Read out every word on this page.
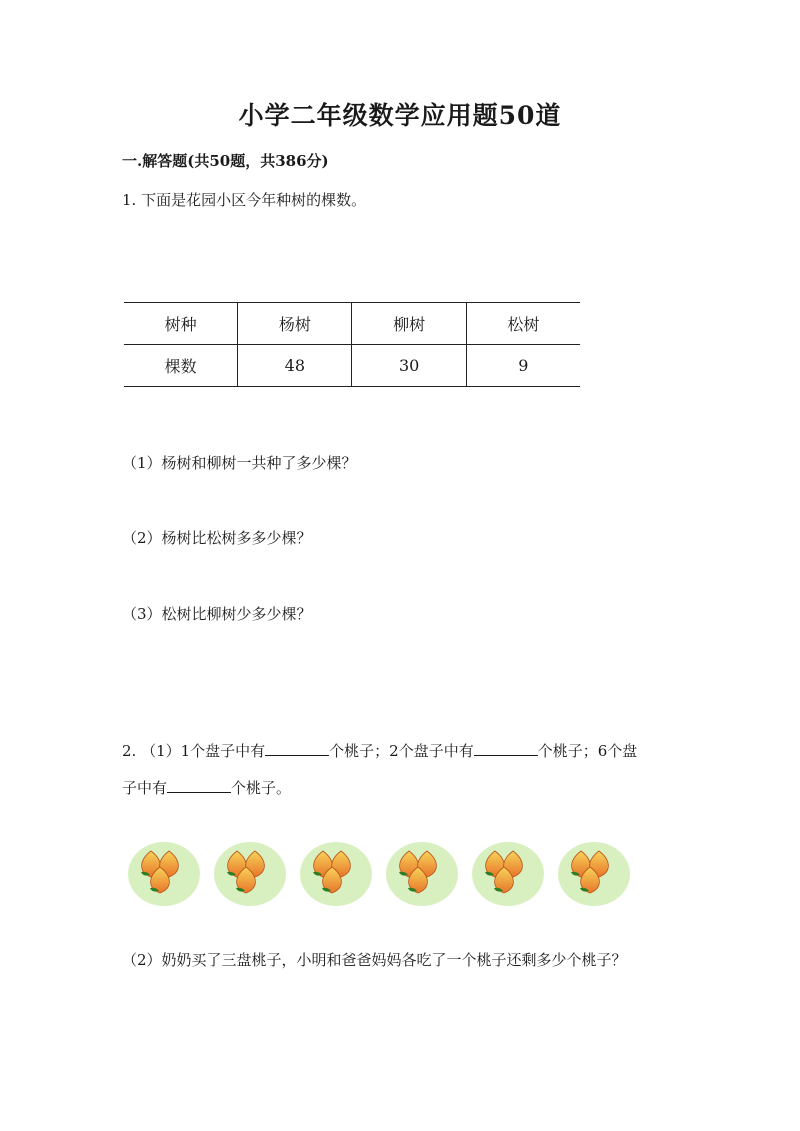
小学二年级数学应用题50道
一.解答题(共50题，共386分)
1. 下面是花园小区今年种树的棵数。
树种	杨树	柳树	松树
棵数	48	30	9
（1）杨树和柳树一共种了多少棵？
（2）杨树比松树多多少棵？
（3）松树比柳树少多少棵？
2. （1）1个盘子中有	个桃子；2个盘子中有	个桃子；6个盘
子中有	个桃子。
（2）奶奶买了三盘桃子，小明和爸爸妈妈各吃了一个桃子还剩多少个桃子？
